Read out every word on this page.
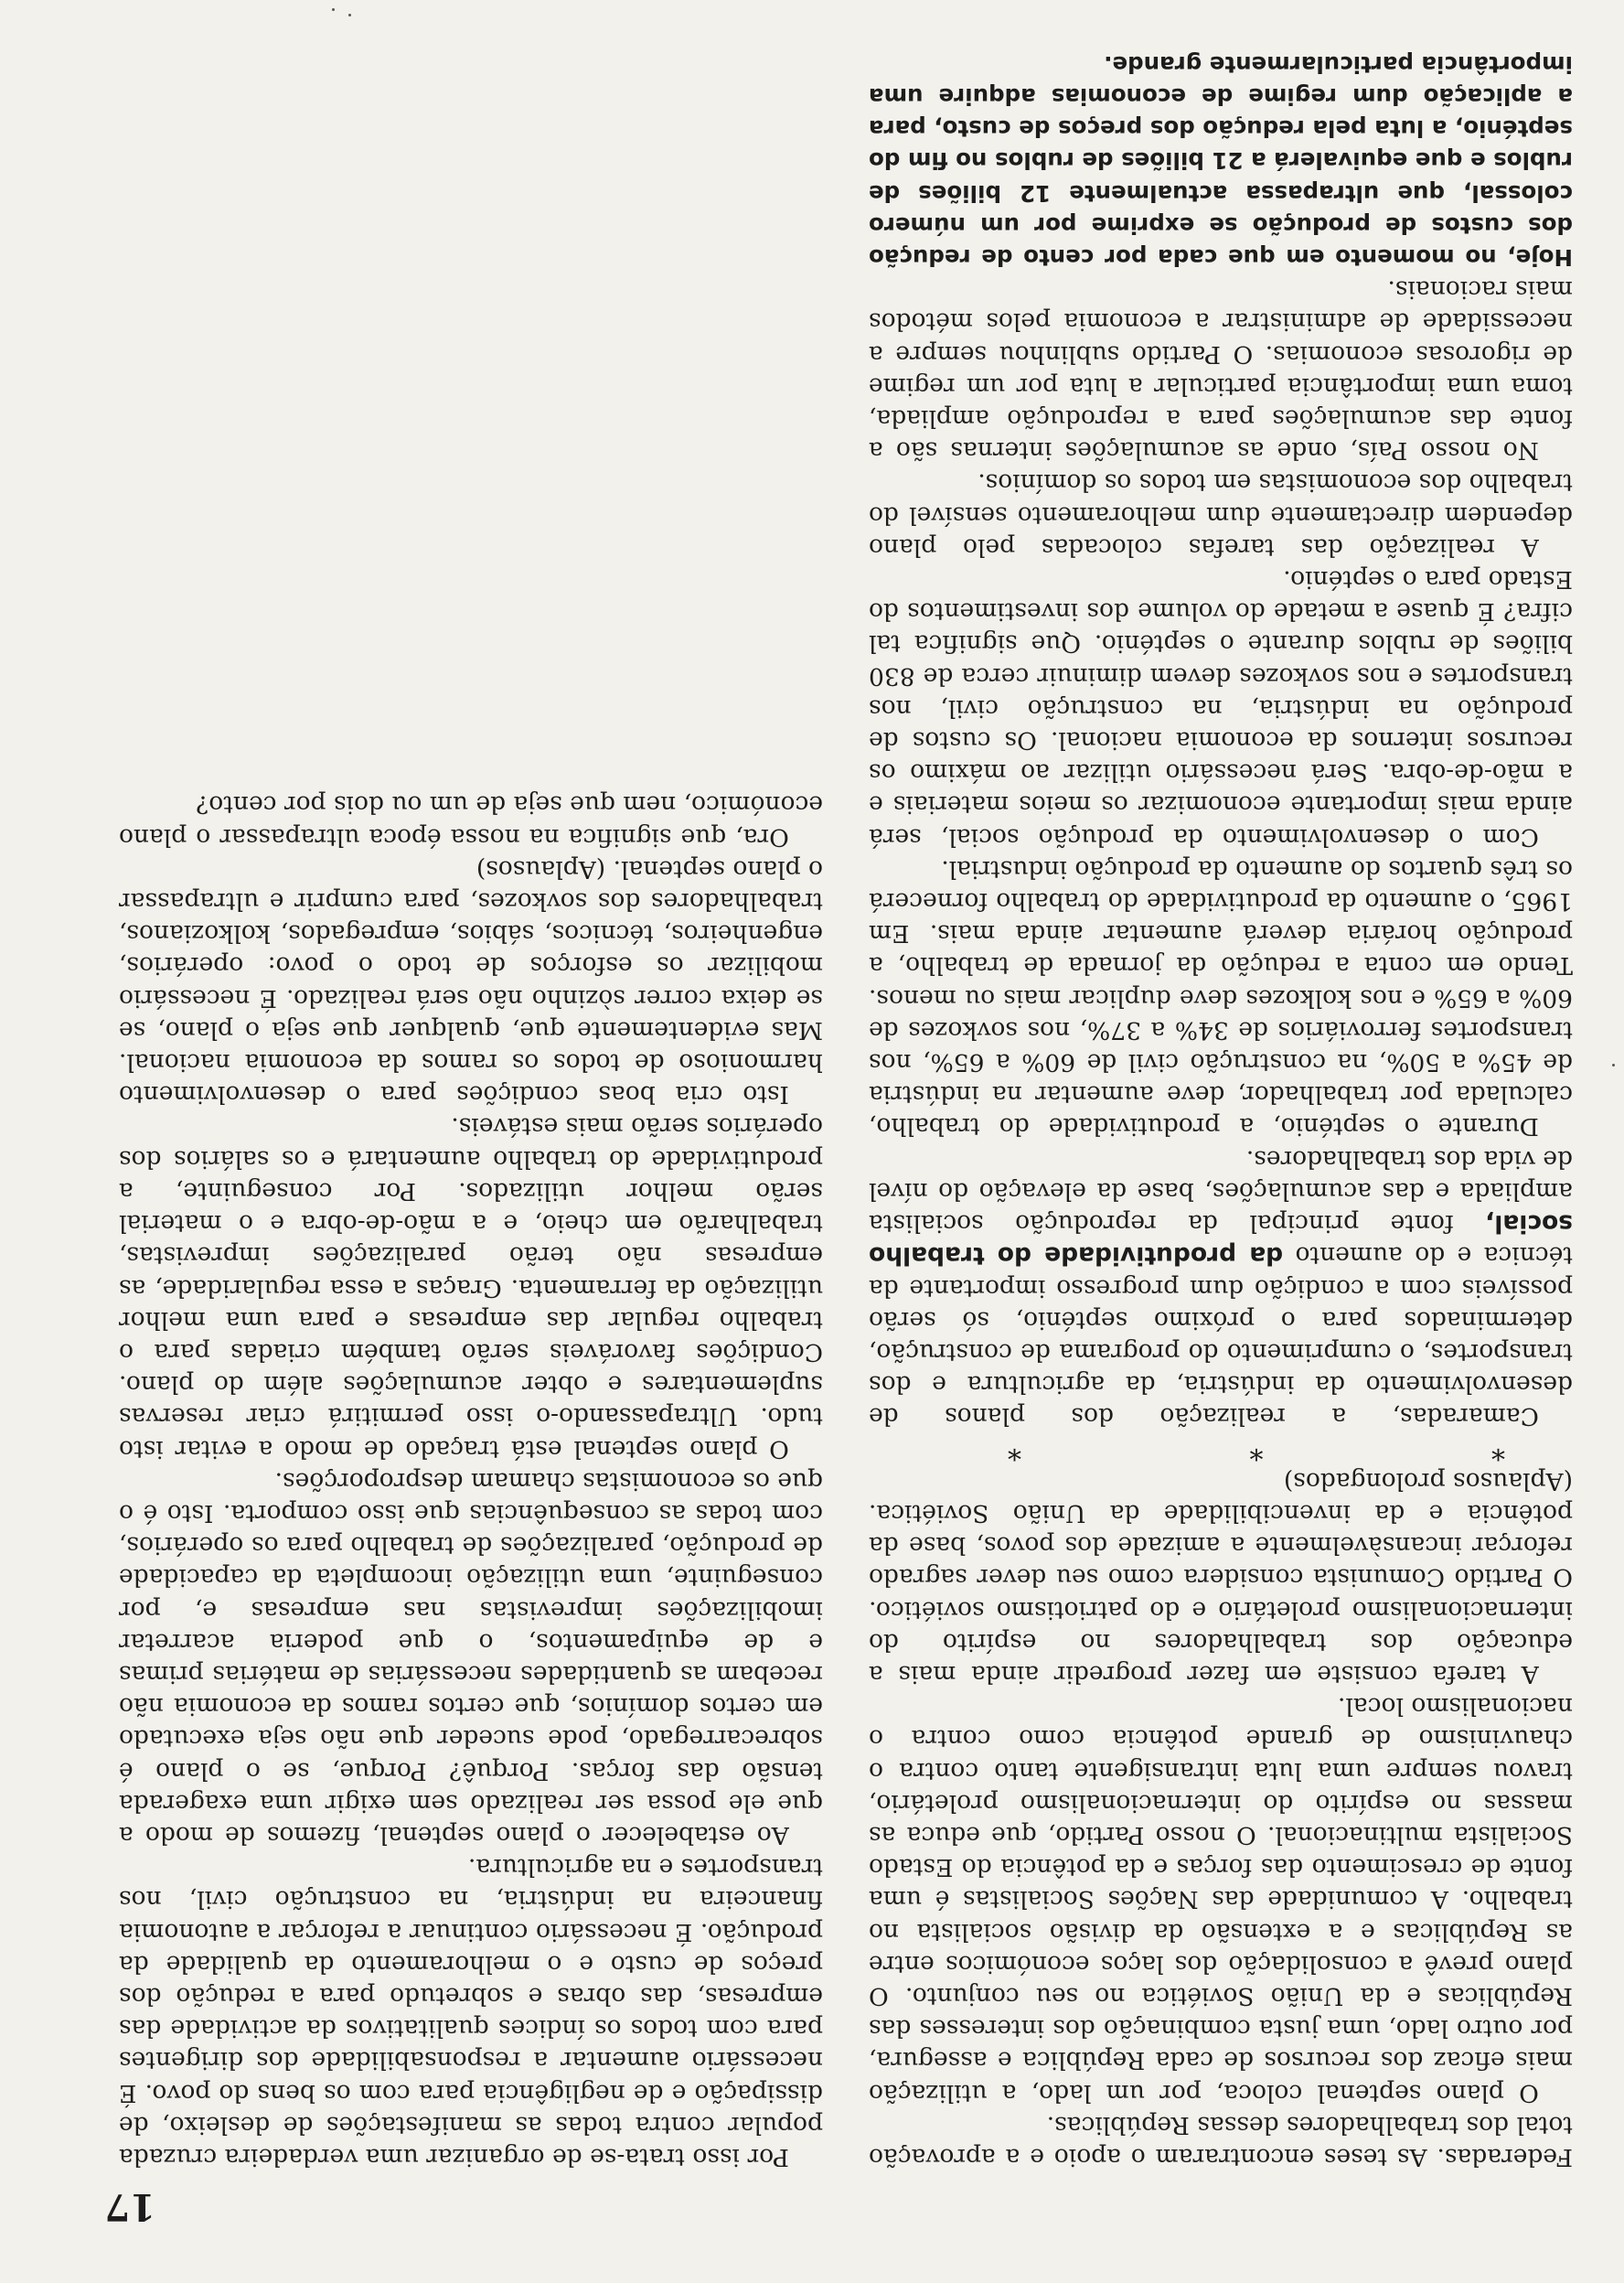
17

Federadas. As teses encontraram o apoio e a aprovação total dos trabalhadores dessas Repúblicas.

O plano septenal coloca, por um lado, a utilização mais eficaz dos recursos de cada República e assegura, por outro lado, uma justa combinação dos interesses das Repúblicas e da União Soviética no seu conjunto. O plano prevê a consolidação dos laços económicos entre as Repúblicas e a extensão da divisão socialista no trabalho. A comunidade das Nações Socialistas é uma fonte de crescimento das forças e da potência do Estado Socialista multinacional. O nosso Partido, que educa as massas no espírito do internacionalismo proletário, travou sempre uma luta intransigente tanto contra o chauvinismo de grande potência como contra o nacionalismo local.

A tarefa consiste em fazer progredir ainda mais a educação dos trabalhadores no espírito do internacionalismo proletário e do patriotismo soviético. O Partido Comunista considera como seu dever sagrado reforçar incansàvelmente a amizade dos povos, base da potência e da invencibilidade da União Soviética. (Aplausos prolongados)

* * *

Camaradas, a realização dos planos de desenvolvimento da indústria, da agricultura e dos transportes, o cumprimento do programa de construção, determinados para o próximo septénio, só serão possíveis com a condição dum progresso importante da técnica e do aumento da produtividade do trabalho social, fonte principal da reprodução socialista ampliada e das acumulações, base da elevação do nível de vida dos trabalhadores.

Durante o septénio, a produtividade do trabalho, calculada por trabalhador, deve aumentar na indústria de 45% a 50%, na construção civil de 60% a 65%, nos transportes ferroviários de 34% a 37%, nos sovkozes de 60% a 65% e nos kolkozes deve duplicar mais ou menos. Tendo em conta a redução da jornada de trabalho, a produção horária deverá aumentar ainda mais. Em 1965, o aumento da produtividade do trabalho fornecerá os três quartos do aumento da produção industrial.

Com o desenvolvimento da produção social, será ainda mais importante economizar os meios materiais e a mão-de-obra. Será necessário utilizar ao máximo os recursos internos da economia nacional. Os custos de produção na indústria, na construção civil, nos transportes e nos sovkozes devem diminuir cerca de 830 biliões de rublos durante o septénio. Que significa tal cifra? É quase a metade do volume dos investimentos do Estado para o septénio.

A realização das tarefas colocadas pelo plano dependem directamente dum melhoramento sensível do trabalho dos economistas em todos os domínios.

No nosso País, onde as acumulações internas são a fonte das acumulações para a reprodução ampliada, toma uma importância particular a luta por um regime de rigorosas economias. O Partido sublinhou sempre a necessidade de administrar a economia pelos métodos mais racionais.

Hoje, no momento em que cada por cento de redução dos custos de produção se exprime por um número colossal, que ultrapassa actualmente 12 biliões de rublos e que equivalerá a 21 biliões de rublos no fim do septénio, a luta pela redução dos preços de custo, para a aplicação dum regime de economias adquire uma importância particularmente grande.

Por isso trata-se de organizar uma verdadeira cruzada popular contra todas as manifestações de desleixo, de dissipação e de negligência para com os bens do povo. É necessário aumentar a responsabilidade dos dirigentes para com todos os índices qualitativos da actividade das empresas, das obras e sobretudo para a redução dos preços de custo e o melhoramento da qualidade da produção. É necessário continuar a reforçar a autonomia financeira na indústria, na construção civil, nos transportes e na agricultura.

Ao estabelecer o plano septenal, fizemos de modo a que ele possa ser realizado sem exigir uma exagerada tensão das forças. Porquê? Porque, se o plano é sobrecarregado, pode suceder que não seja executado em certos domínios, que certos ramos da economia não recebam as quantidades necessárias de matérias primas e de equipamentos, o que poderia acarretar imobilizações imprevistas nas empresas e, por conseguinte, uma utilização incompleta da capacidade de produção, paralizações de trabalho para os operários, com todas as consequências que isso comporta. Isto é o que os economistas chamam desproporções.

O plano septenal está traçado de modo a evitar isto tudo. Ultrapassando-o isso permitirá criar reservas suplementares e obter acumulações além do plano. Condições favoráveis serão também criadas para o trabalho regular das empresas e para uma melhor utilização da ferramenta. Graças a essa regularidade, as empresas não terão paralizações imprevistas, trabalharão em cheio, e a mão-de-obra e o material serão melhor utilizados. Por conseguinte, a produtividade do trabalho aumentará e os salários dos operários serão mais estáveis.

Isto cria boas condições para o desenvolvimento harmonioso de todos os ramos da economia nacional. Mas evidentemente que, qualquer que seja o plano, se se deixa correr sòzinho não será realizado. É necessário mobilizar os esforços de todo o povo: operários, engenheiros, técnicos, sábios, empregados, kolkozianos, trabalhadores dos sovkozes, para cumprir e ultrapassar o plano septenal. (Aplausos)

Ora, que significa na nossa época ultrapassar o plano económico, nem que seja de um ou dois por cento?
